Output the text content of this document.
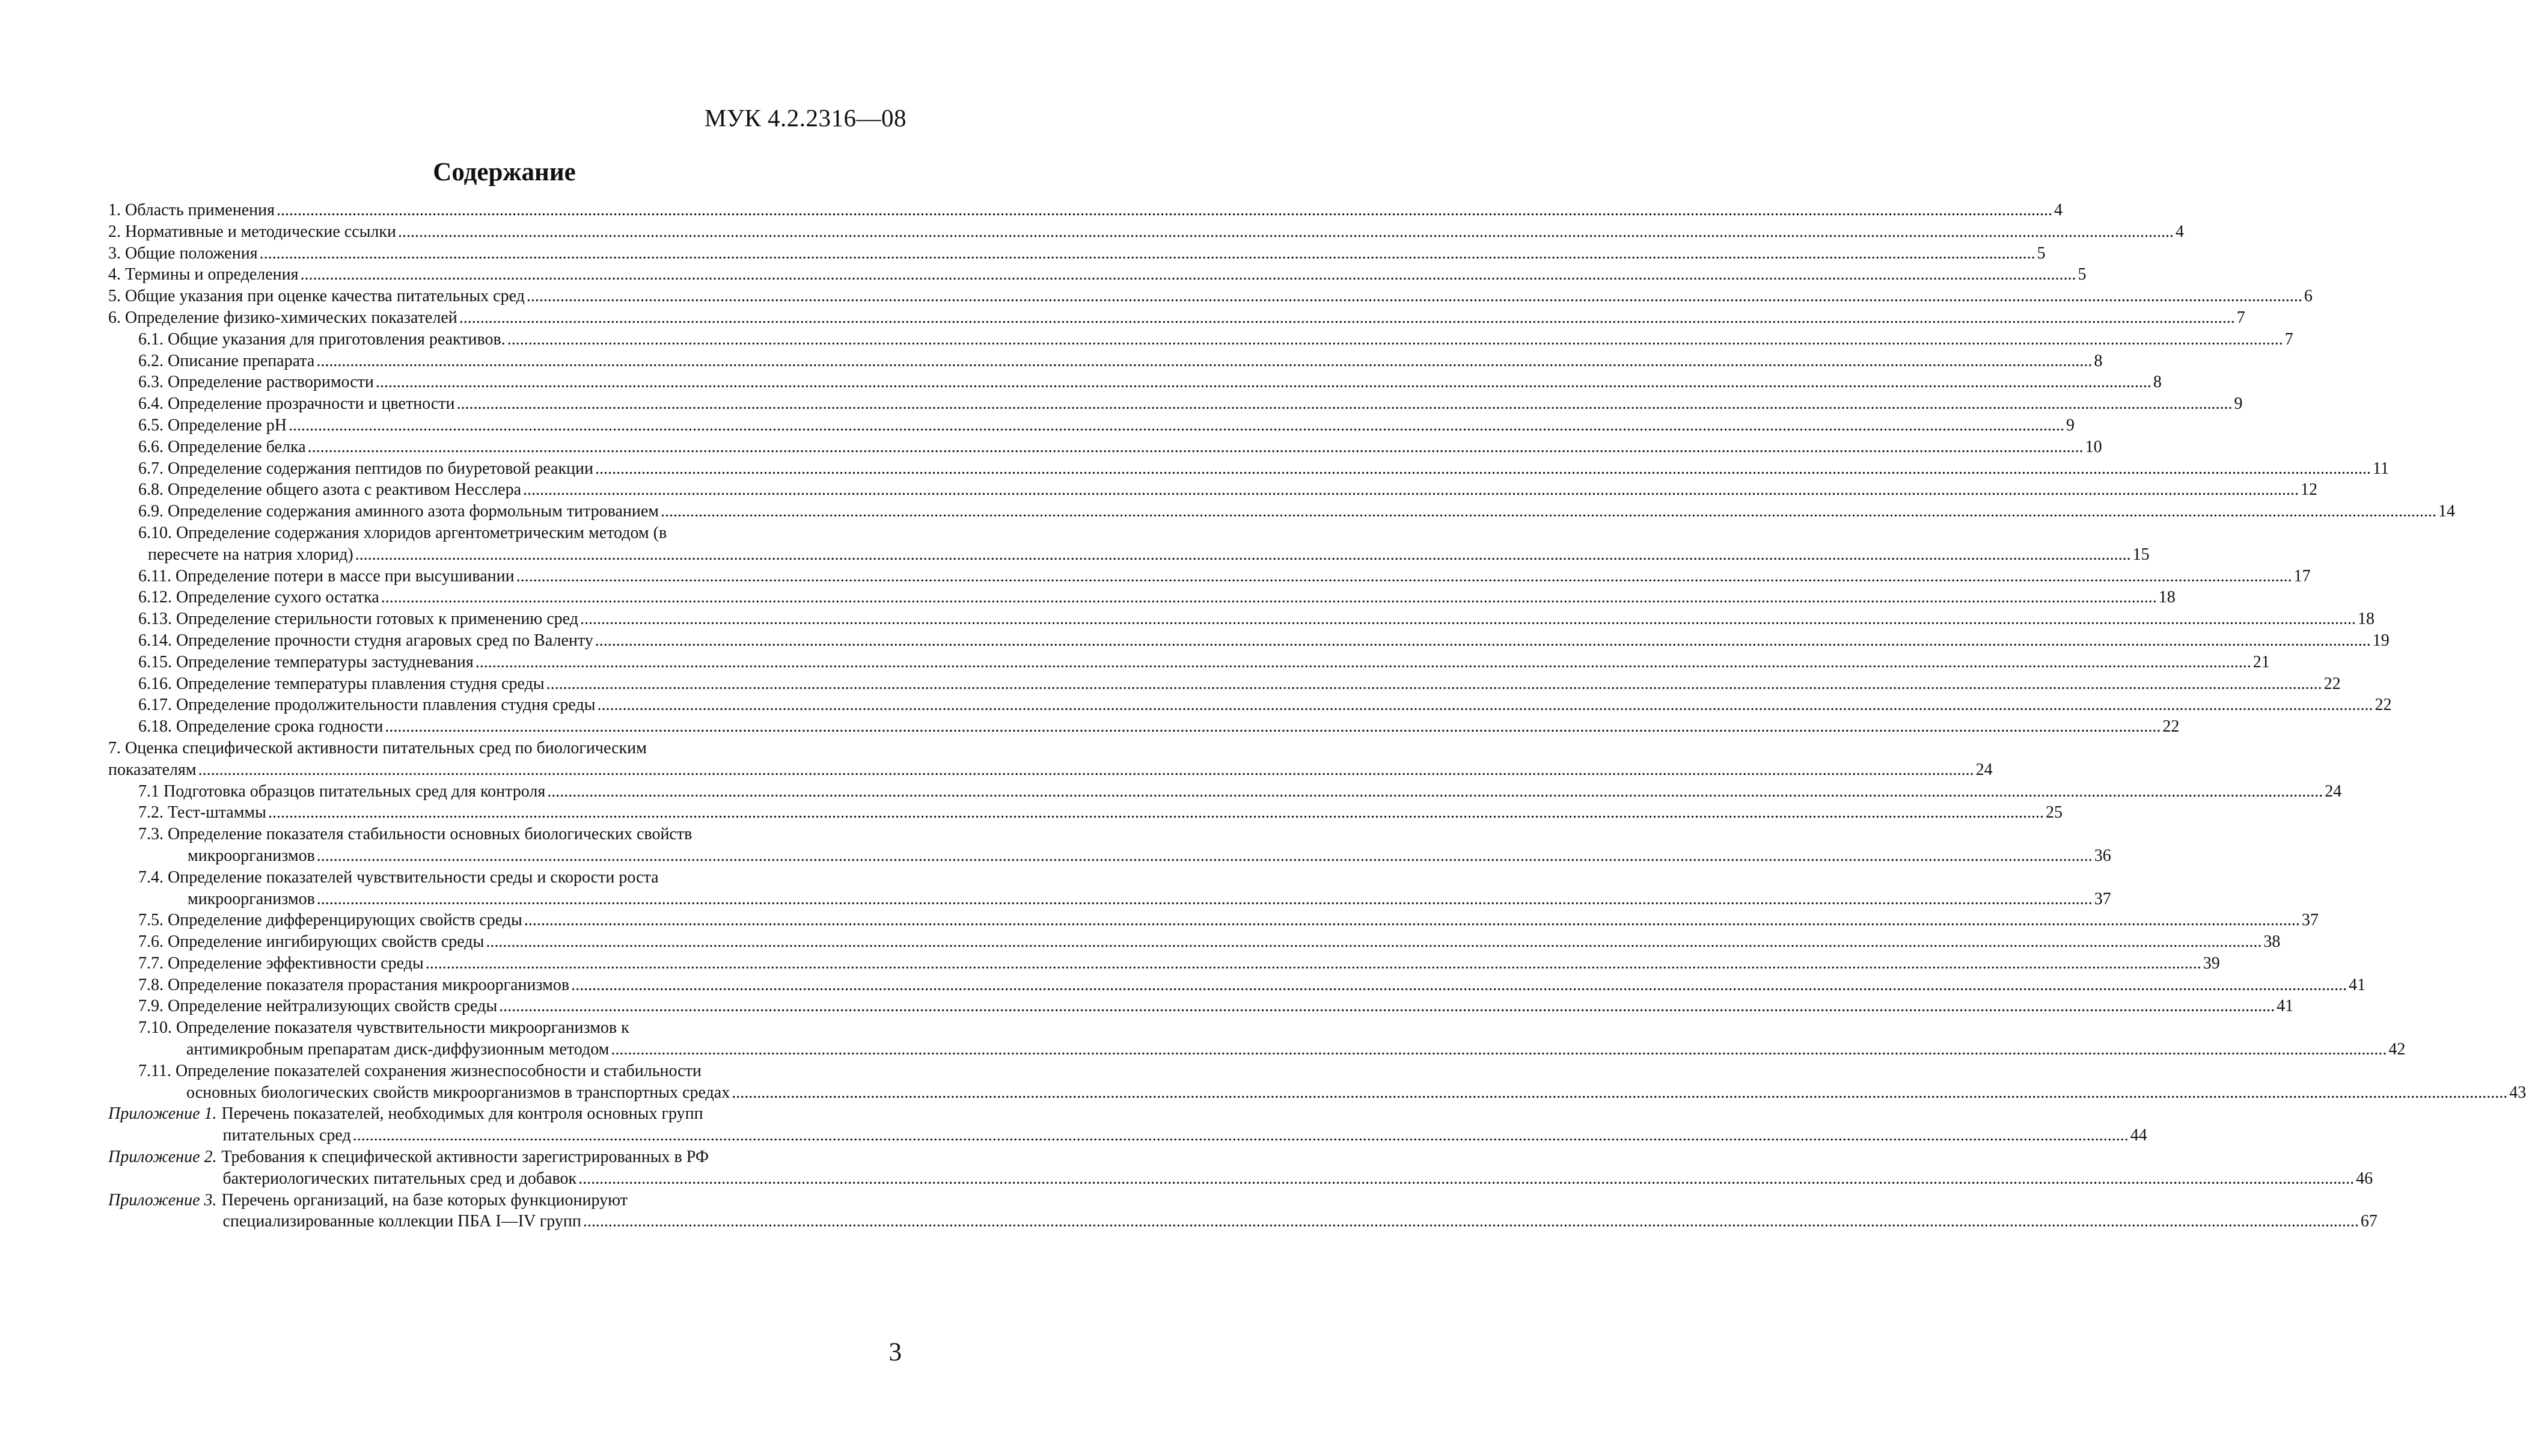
МУК 4.2.2316—08
Содержание
1. Область применения .....	4
2. Нормативные и методические ссылки .....	4
3. Общие положения .....	5
4. Термины и определения .....	5
5. Общие указания при оценке качества питательных сред .....	6
6. Определение физико-химических показателей .....	7
6.1. Общие указания для приготовления реактивов. .....	7
6.2. Описание препарата .....	8
6.3. Определение растворимости .....	8
6.4. Определение прозрачности и цветности .....	9
6.5. Определение pH .....	9
6.6. Определение белка .....	10
6.7. Определение содержания пептидов по биуретовой реакции .....	11
6.8. Определение общего азота с реактивом Несслера .....	12
6.9. Определение содержания аминного азота формольным титрованием .....	14
6.10. Определение содержания хлоридов аргентометрическим методом (в
пересчете на натрия хлорид) .....	15
6.11. Определение потери в массе при высушивании .....	17
6.12. Определение сухого остатка .....	18
6.13. Определение стерильности готовых к применению сред .....	18
6.14. Определение прочности студня агаровых сред по Валенту .....	19
6.15. Определение температуры застудневания .....	21
6.16. Определение температуры плавления студня среды .....	22
6.17. Определение продолжительности плавления студня среды .....	22
6.18. Определение срока годности .....	22
7. Оценка специфической активности питательных сред по биологическим
показателям .....	24
7.1 Подготовка образцов питательных сред для контроля .....	24
7.2. Тест-штаммы .....	25
7.3. Определение показателя стабильности основных биологических свойств
микроорганизмов .....	36
7.4. Определение показателей чувствительности среды и скорости роста
микроорганизмов .....	37
7.5. Определение дифференцирующих свойств среды .....	37
7.6. Определение ингибирующих свойств среды .....	38
7.7. Определение эффективности среды .....	39
7.8. Определение показателя прорастания микроорганизмов .....	41
7.9. Определение нейтрализующих свойств среды .....	41
7.10. Определение показателя чувствительности микроорганизмов к
антимикробным препаратам диск-диффузионным методом .....	42
7.11. Определение показателей сохранения жизнеспособности и стабильности
основных биологических свойств микроорганизмов в транспортных средах .....	43
Приложение 1. Перечень показателей, необходимых для контроля основных групп
питательных сред .....	44
Приложение 2. Требования к специфической активности зарегистрированных в РФ
бактериологических питательных сред и добавок .....	46
Приложение 3. Перечень организаций, на базе которых функционируют
специализированные коллекции ПБА I—IV групп .....	67
3
